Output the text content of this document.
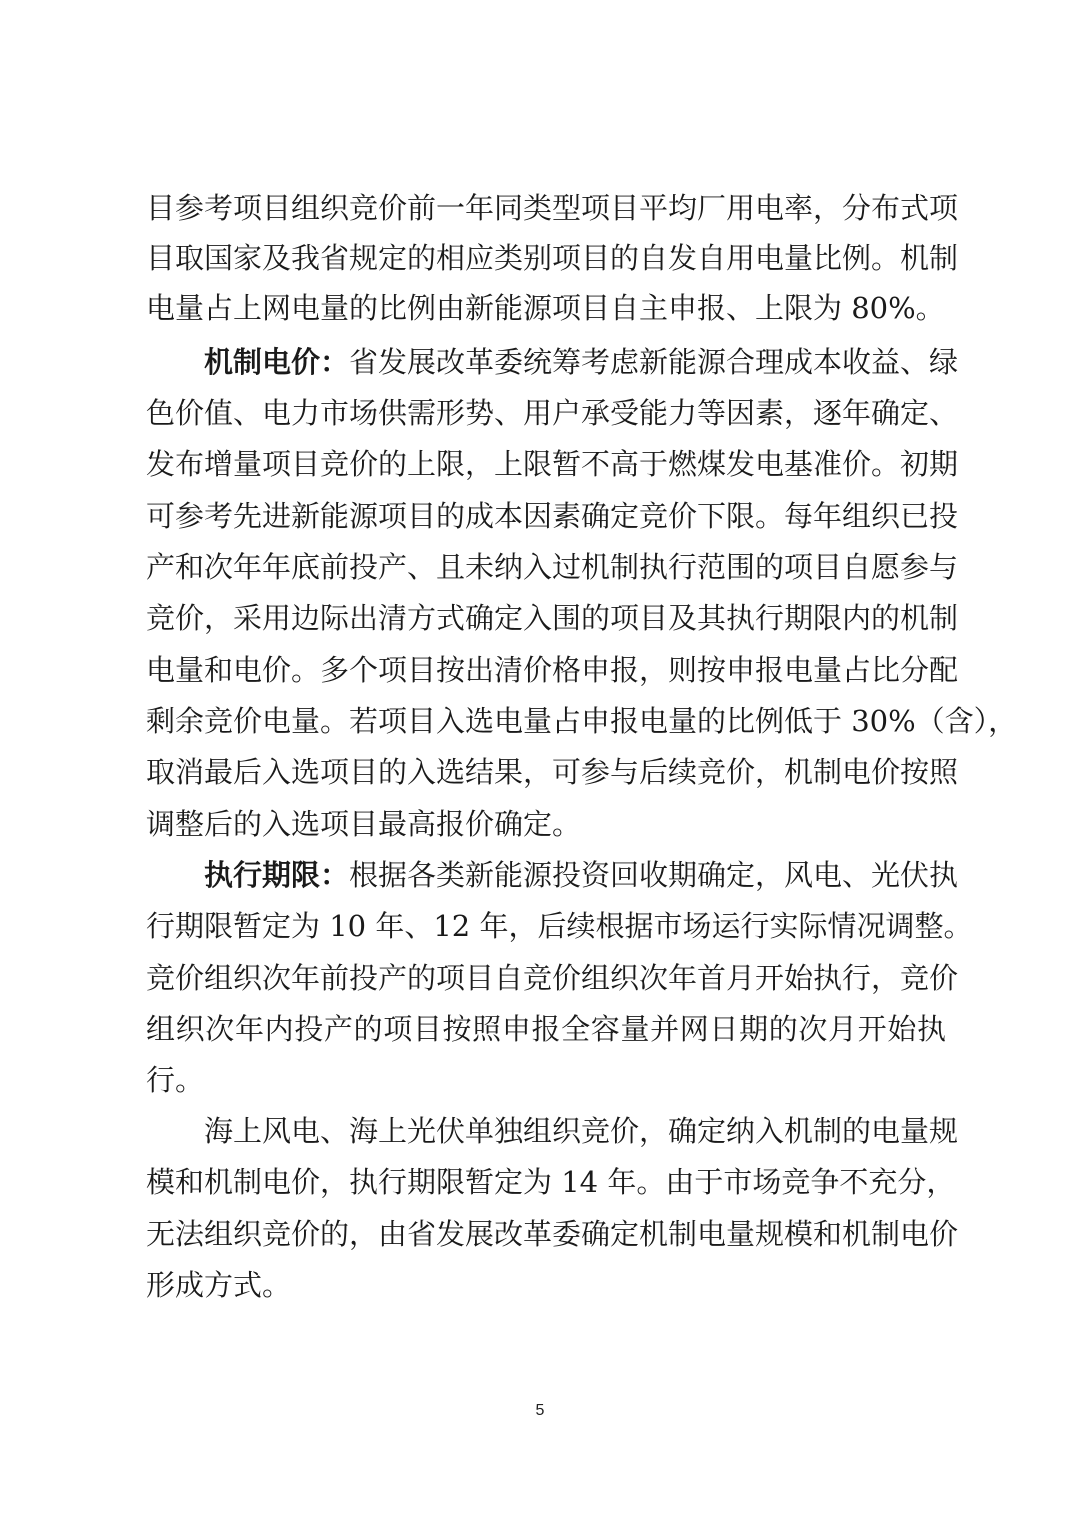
目参考项目组织竞价前一年同类型项目平均厂用电率，分布式项
目取国家及我省规定的相应类别项目的自发自用电量比例。机制
电量占上网电量的比例由新能源项目自主申报、上限为 80%。
机制电价：省发展改革委统筹考虑新能源合理成本收益、绿
色价值、电力市场供需形势、用户承受能力等因素，逐年确定、
发布增量项目竞价的上限，上限暂不高于燃煤发电基准价。初期
可参考先进新能源项目的成本因素确定竞价下限。每年组织已投
产和次年年底前投产、且未纳入过机制执行范围的项目自愿参与
竞价，采用边际出清方式确定入围的项目及其执行期限内的机制
电量和电价。多个项目按出清价格申报，则按申报电量占比分配
剩余竞价电量。若项目入选电量占申报电量的比例低于 30%（含），
取消最后入选项目的入选结果，可参与后续竞价，机制电价按照
调整后的入选项目最高报价确定。
执行期限：根据各类新能源投资回收期确定，风电、光伏执
行期限暂定为 10 年、12 年，后续根据市场运行实际情况调整。
竞价组织次年前投产的项目自竞价组织次年首月开始执行，竞价
组织次年内投产的项目按照申报全容量并网日期的次月开始执
行。
海上风电、海上光伏单独组织竞价，确定纳入机制的电量规
模和机制电价，执行期限暂定为 14 年。由于市场竞争不充分，
无法组织竞价的，由省发展改革委确定机制电量规模和机制电价
形成方式。
5
